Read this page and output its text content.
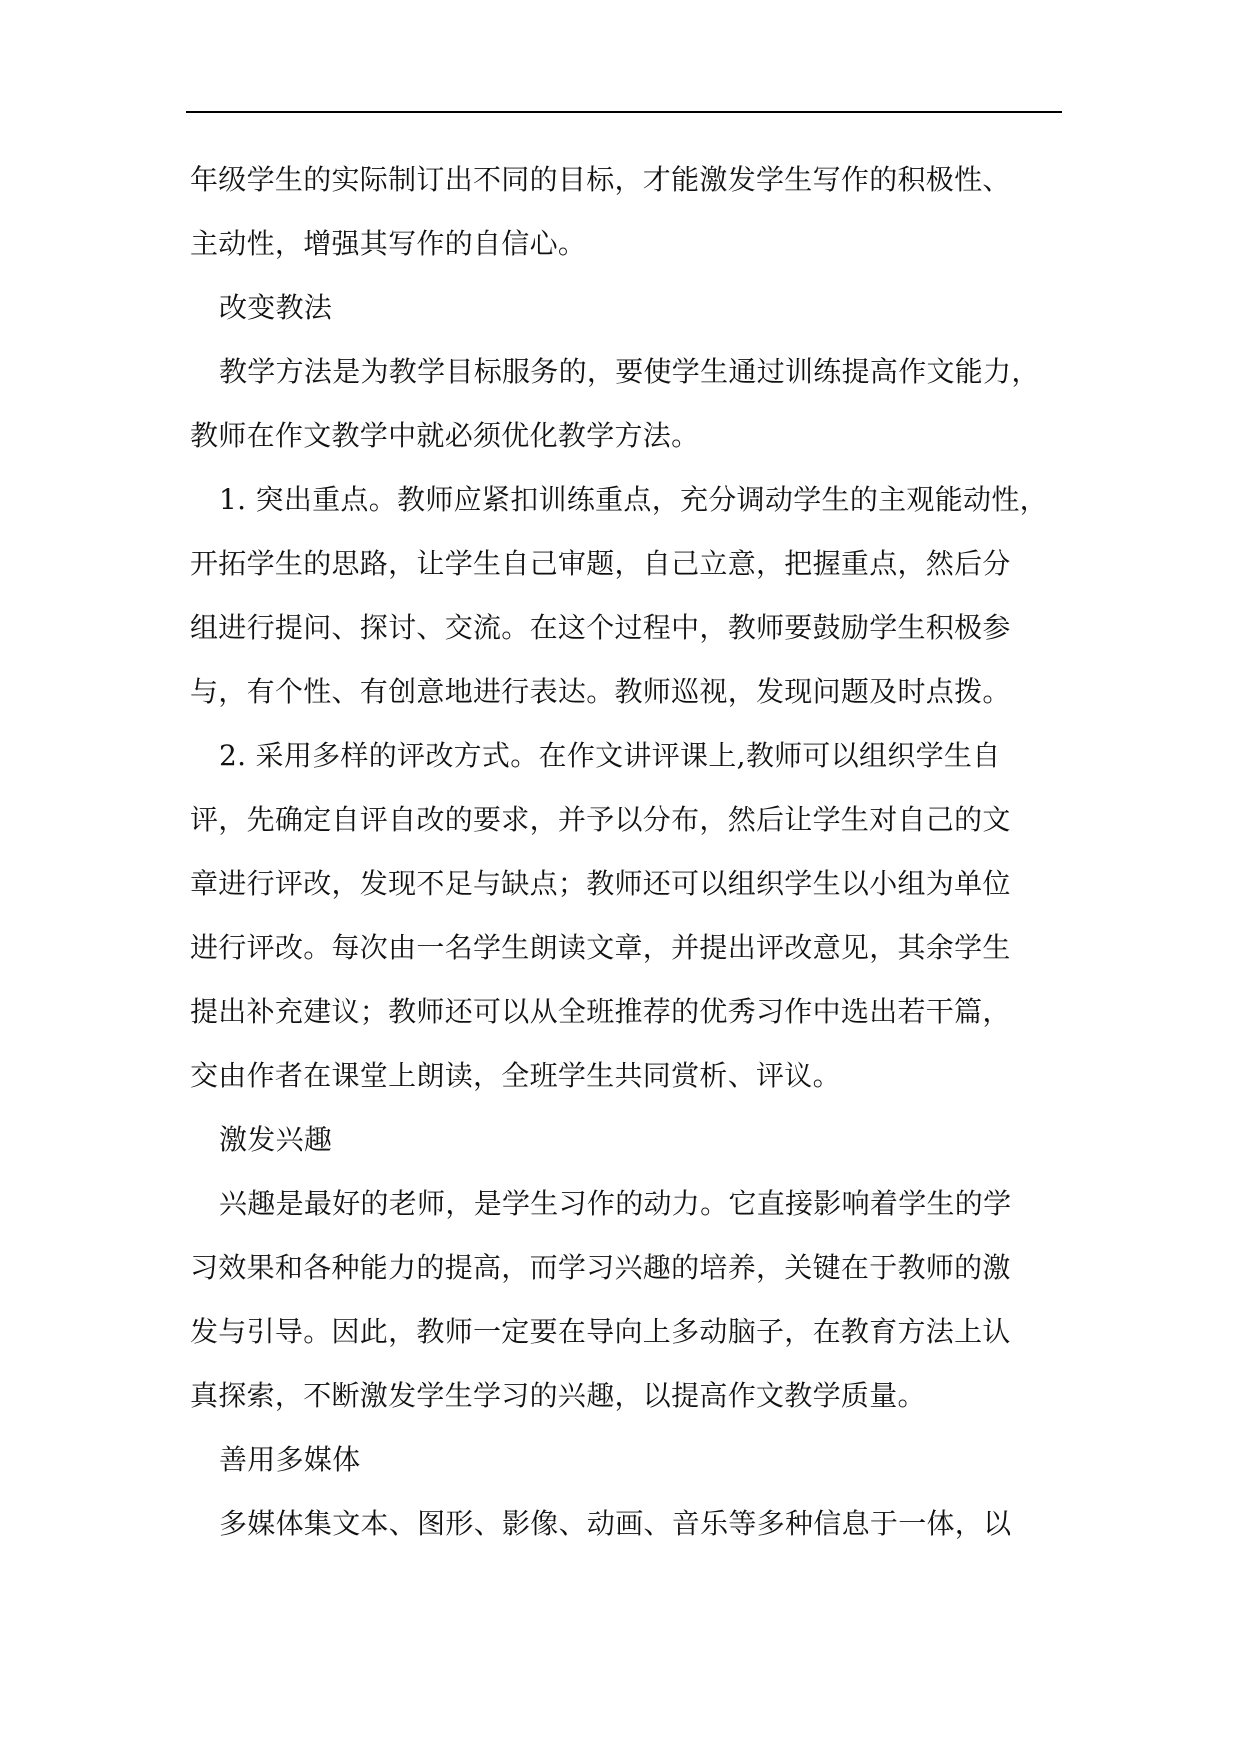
年级学生的实际制订出不同的目标，才能激发学生写作的积极性、
主动性，增强其写作的自信心。
改变教法
教学方法是为教学目标服务的，要使学生通过训练提高作文能力，
教师在作文教学中就必须优化教学方法。
1. 突出重点。教师应紧扣训练重点，充分调动学生的主观能动性，
开拓学生的思路，让学生自己审题，自己立意，把握重点，然后分
组进行提问、探讨、交流。在这个过程中，教师要鼓励学生积极参
与，有个性、有创意地进行表达。教师巡视，发现问题及时点拨。
2. 采用多样的评改方式。在作文讲评课上,教师可以组织学生自
评，先确定自评自改的要求，并予以分布，然后让学生对自己的文
章进行评改，发现不足与缺点；教师还可以组织学生以小组为单位
进行评改。每次由一名学生朗读文章，并提出评改意见，其余学生
提出补充建议；教师还可以从全班推荐的优秀习作中选出若干篇，
交由作者在课堂上朗读，全班学生共同赏析、评议。
激发兴趣
兴趣是最好的老师，是学生习作的动力。它直接影响着学生的学
习效果和各种能力的提高，而学习兴趣的培养，关键在于教师的激
发与引导。因此，教师一定要在导向上多动脑子，在教育方法上认
真探索，不断激发学生学习的兴趣，以提高作文教学质量。
善用多媒体
多媒体集文本、图形、影像、动画、音乐等多种信息于一体，以
